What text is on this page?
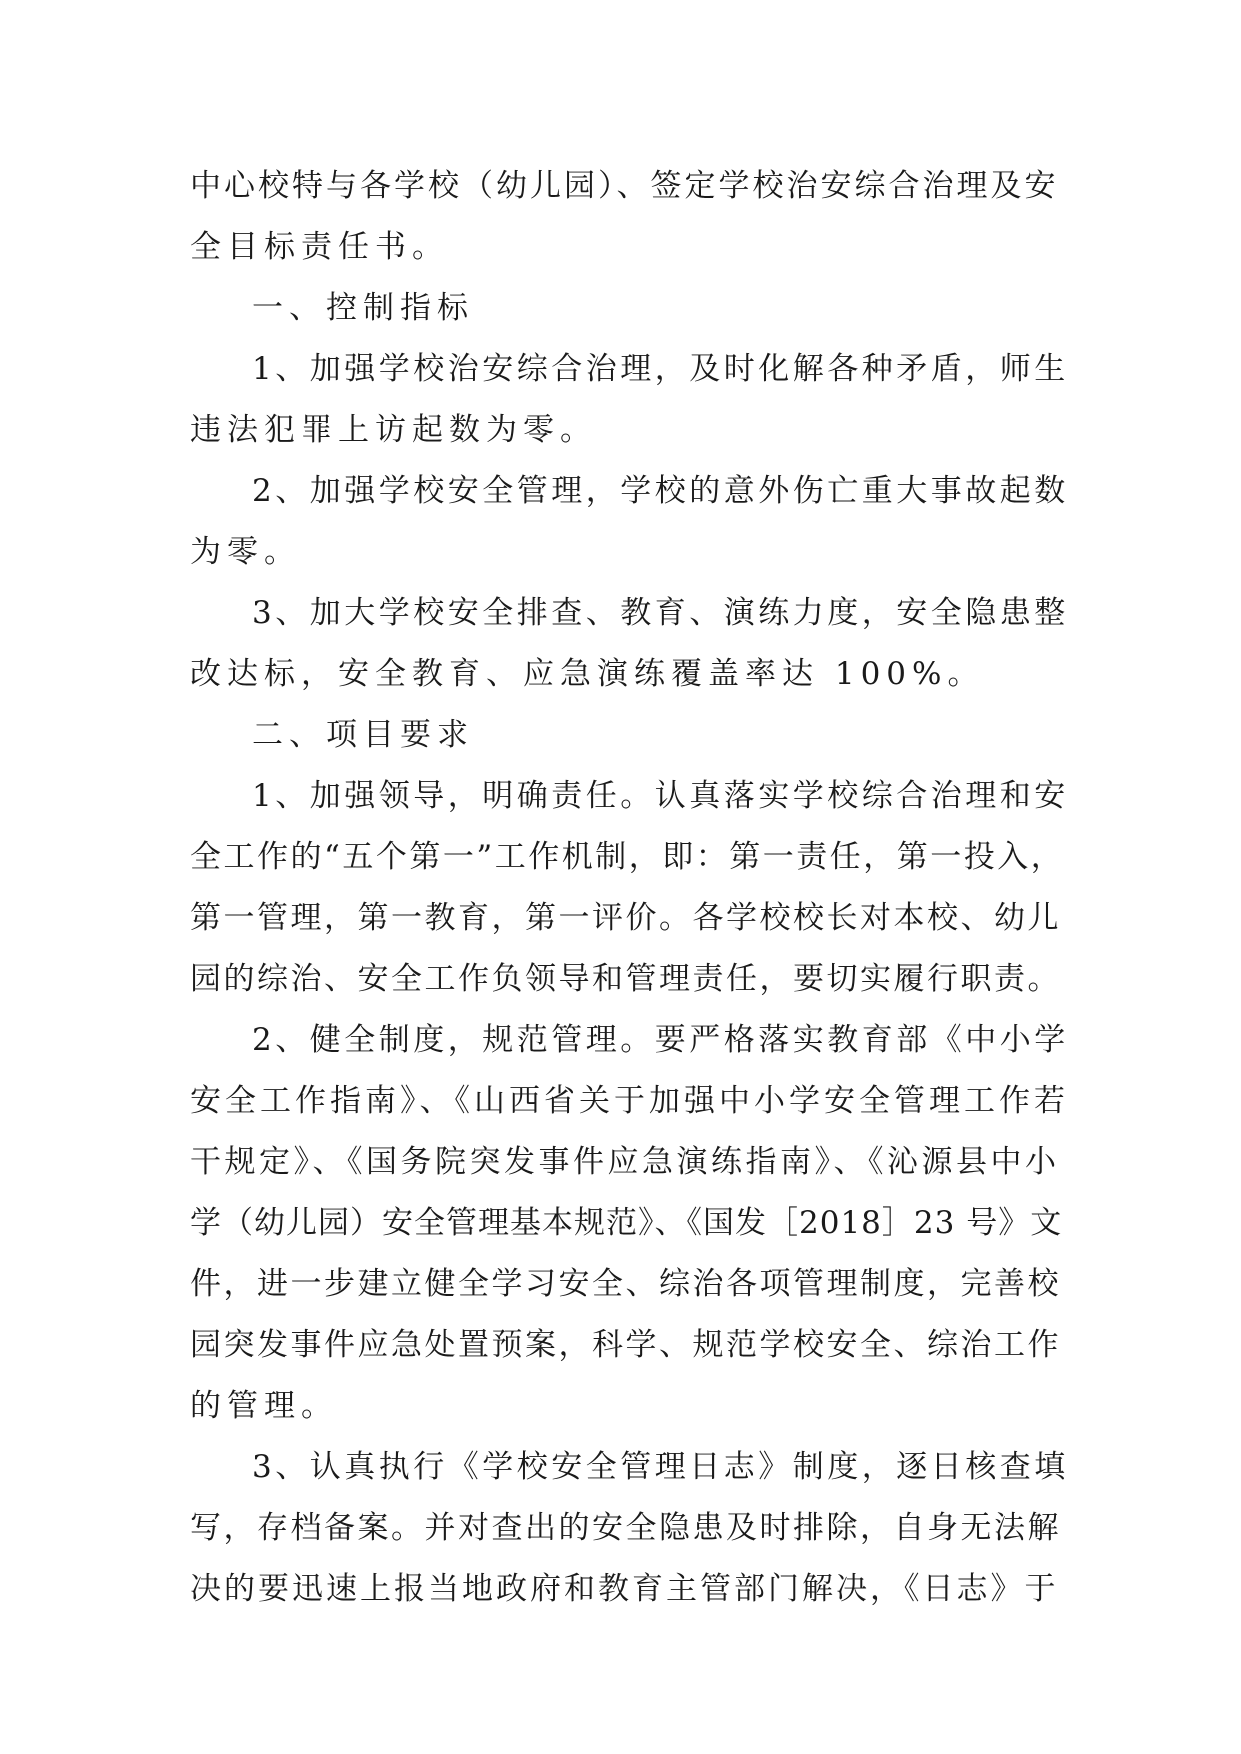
中心校特与各学校（幼儿园）、签定学校治安综合治理及安
全目标责任书。
一、控制指标
1、加强学校治安综合治理，及时化解各种矛盾，师生
违法犯罪上访起数为零。
2、加强学校安全管理，学校的意外伤亡重大事故起数
为零。
3、加大学校安全排查、教育、演练力度，安全隐患整
改达标，安全教育、应急演练覆盖率达 100%。
二、项目要求
1、加强领导，明确责任。认真落实学校综合治理和安
全工作的“五个第一”工作机制，即：第一责任，第一投入，
第一管理，第一教育，第一评价。各学校校长对本校、幼儿
园的综治、安全工作负领导和管理责任，要切实履行职责。
2、健全制度，规范管理。要严格落实教育部《中小学
安全工作指南》、《山西省关于加强中小学安全管理工作若
干规定》、《国务院突发事件应急演练指南》、《沁源县中小
学（幼儿园）安全管理基本规范》、《国发［2018］23 号》文
件，进一步建立健全学习安全、综治各项管理制度，完善校
园突发事件应急处置预案，科学、规范学校安全、综治工作
的管理。
3、认真执行《学校安全管理日志》制度，逐日核查填
写，存档备案。并对查出的安全隐患及时排除，自身无法解
决的要迅速上报当地政府和教育主管部门解决，《日志》于
